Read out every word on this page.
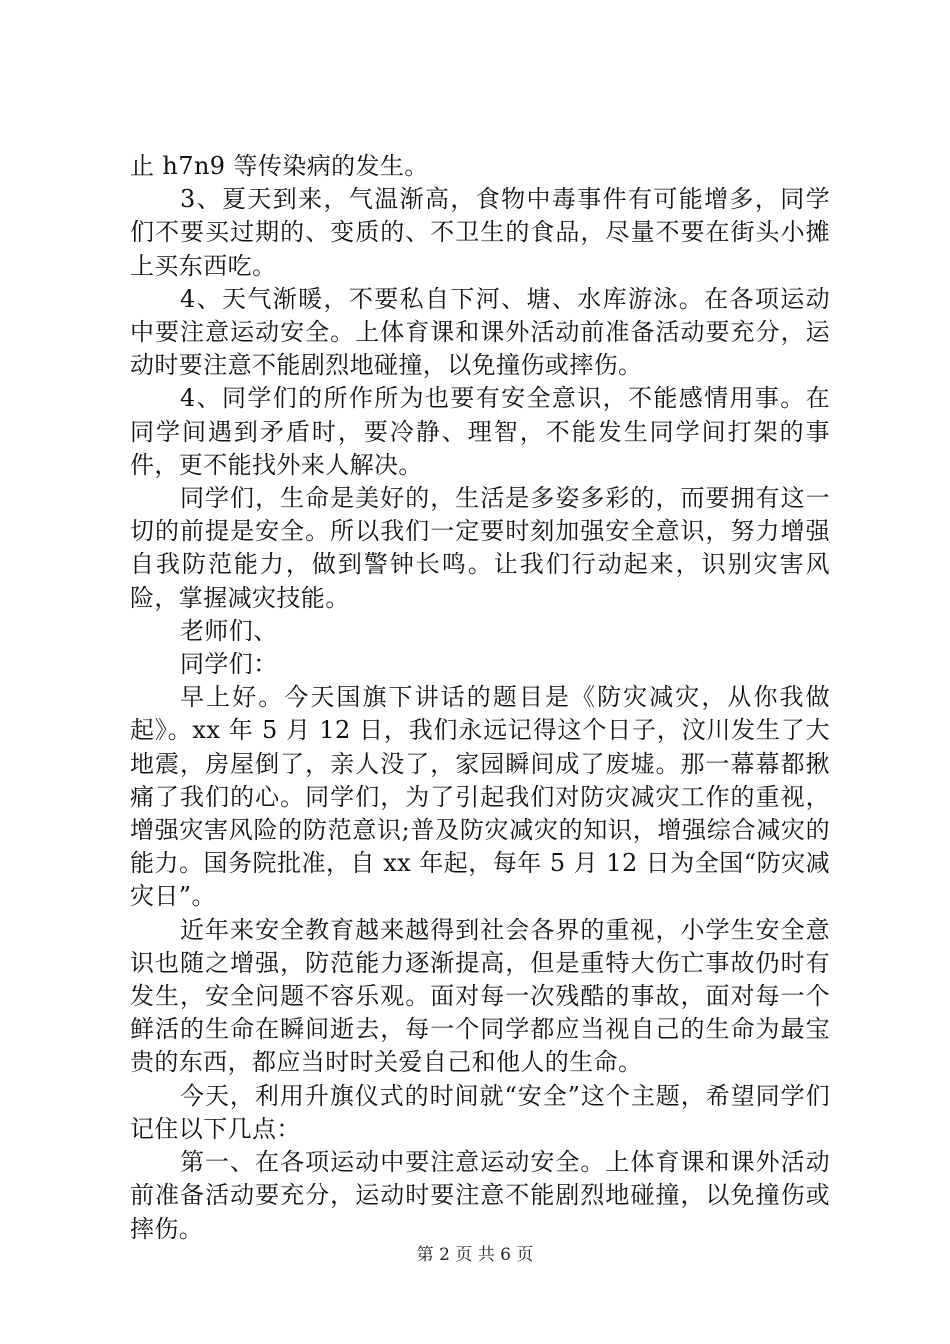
止 h7n9 等传染病的发生。

3、夏天到来，气温渐高，食物中毒事件有可能增多，同学们不要买过期的、变质的、不卫生的食品，尽量不要在街头小摊上买东西吃。

4、天气渐暖，不要私自下河、塘、水库游泳。在各项运动中要注意运动安全。上体育课和课外活动前准备活动要充分，运动时要注意不能剧烈地碰撞，以免撞伤或摔伤。

4、同学们的所作所为也要有安全意识，不能感情用事。在同学间遇到矛盾时，要冷静、理智，不能发生同学间打架的事件，更不能找外来人解决。

同学们，生命是美好的，生活是多姿多彩的，而要拥有这一切的前提是安全。所以我们一定要时刻加强安全意识，努力增强自我防范能力，做到警钟长鸣。让我们行动起来，识别灾害风险，掌握减灾技能。

老师们、

同学们：

早上好。今天国旗下讲话的题目是《防灾减灾，从你我做起》。xx 年 5 月 12 日，我们永远记得这个日子，汶川发生了大地震，房屋倒了，亲人没了，家园瞬间成了废墟。那一幕幕都揪痛了我们的心。同学们，为了引起我们对防灾减灾工作的重视，增强灾害风险的防范意识;普及防灾减灾的知识，增强综合减灾的能力。国务院批准，自 xx 年起，每年 5 月 12 日为全国“防灾减灾日”。

近年来安全教育越来越得到社会各界的重视，小学生安全意识也随之增强，防范能力逐渐提高，但是重特大伤亡事故仍时有发生，安全问题不容乐观。面对每一次残酷的事故，面对每一个鲜活的生命在瞬间逝去，每一个同学都应当视自己的生命为最宝贵的东西，都应当时时关爱自己和他人的生命。

今天，利用升旗仪式的时间就“安全”这个主题，希望同学们记住以下几点：

第一、在各项运动中要注意运动安全。上体育课和课外活动前准备活动要充分，运动时要注意不能剧烈地碰撞，以免撞伤或摔伤。

第 2 页 共 6 页
